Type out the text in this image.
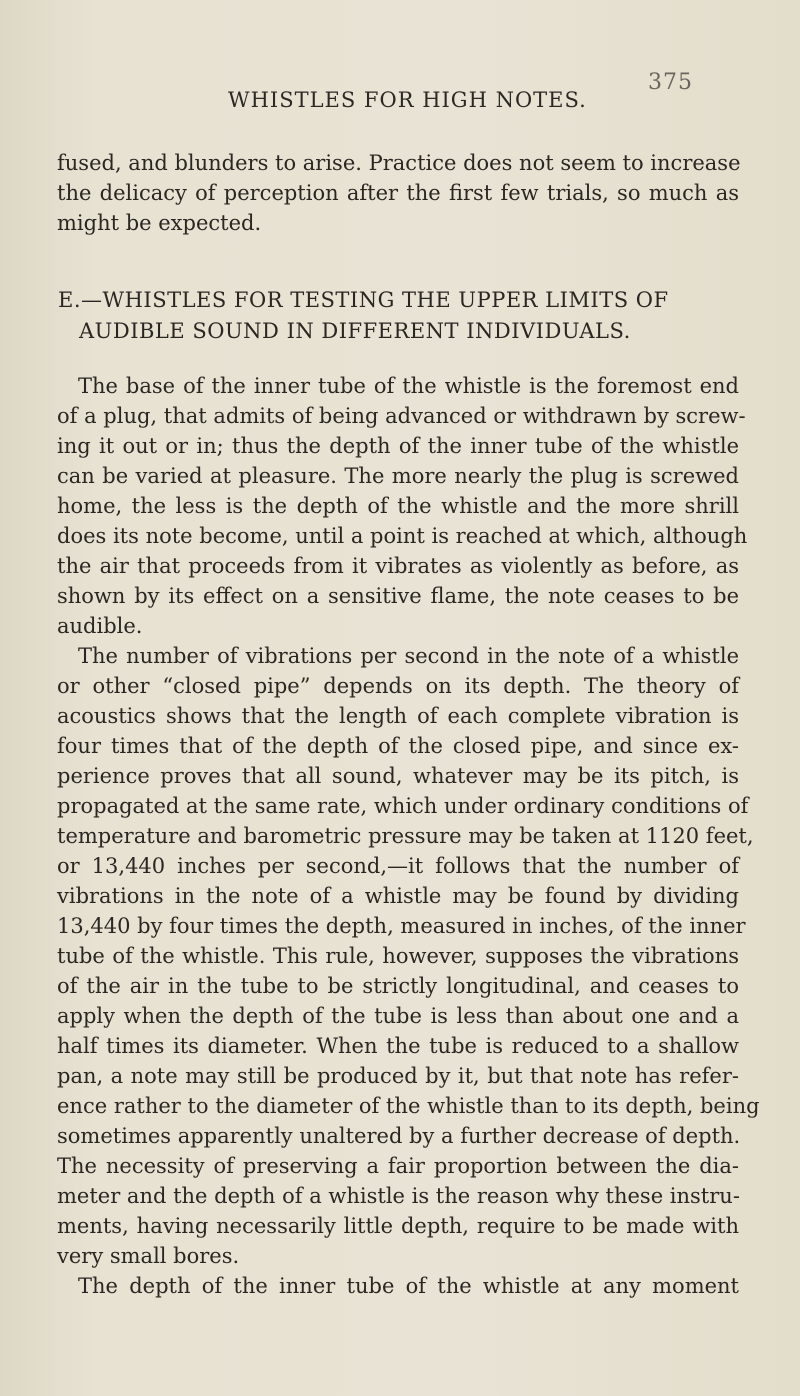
WHISTLES FOR HIGH NOTES.
375
fused, and blunders to arise. Practice does not seem to increase
the delicacy of perception after the first few trials, so much as
might be expected.
E.—WHISTLES FOR TESTING THE UPPER LIMITS OF
AUDIBLE SOUND IN DIFFERENT INDIVIDUALS.
The base of the inner tube of the whistle is the foremost end
of a plug, that admits of being advanced or withdrawn by screw-
ing it out or in; thus the depth of the inner tube of the whistle
can be varied at pleasure. The more nearly the plug is screwed
home, the less is the depth of the whistle and the more shrill
does its note become, until a point is reached at which, although
the air that proceeds from it vibrates as violently as before, as
shown by its effect on a sensitive flame, the note ceases to be
audible.
The number of vibrations per second in the note of a whistle
or other “closed pipe” depends on its depth. The theory of
acoustics shows that the length of each complete vibration is
four times that of the depth of the closed pipe, and since ex-
perience proves that all sound, whatever may be its pitch, is
propagated at the same rate, which under ordinary conditions of
temperature and barometric pressure may be taken at 1120 feet,
or 13,440 inches per second,—it follows that the number of
vibrations in the note of a whistle may be found by dividing
13,440 by four times the depth, measured in inches, of the inner
tube of the whistle. This rule, however, supposes the vibrations
of the air in the tube to be strictly longitudinal, and ceases to
apply when the depth of the tube is less than about one and a
half times its diameter. When the tube is reduced to a shallow
pan, a note may still be produced by it, but that note has refer-
ence rather to the diameter of the whistle than to its depth, being
sometimes apparently unaltered by a further decrease of depth.
The necessity of preserving a fair proportion between the dia-
meter and the depth of a whistle is the reason why these instru-
ments, having necessarily little depth, require to be made with
very small bores.
The depth of the inner tube of the whistle at any moment
